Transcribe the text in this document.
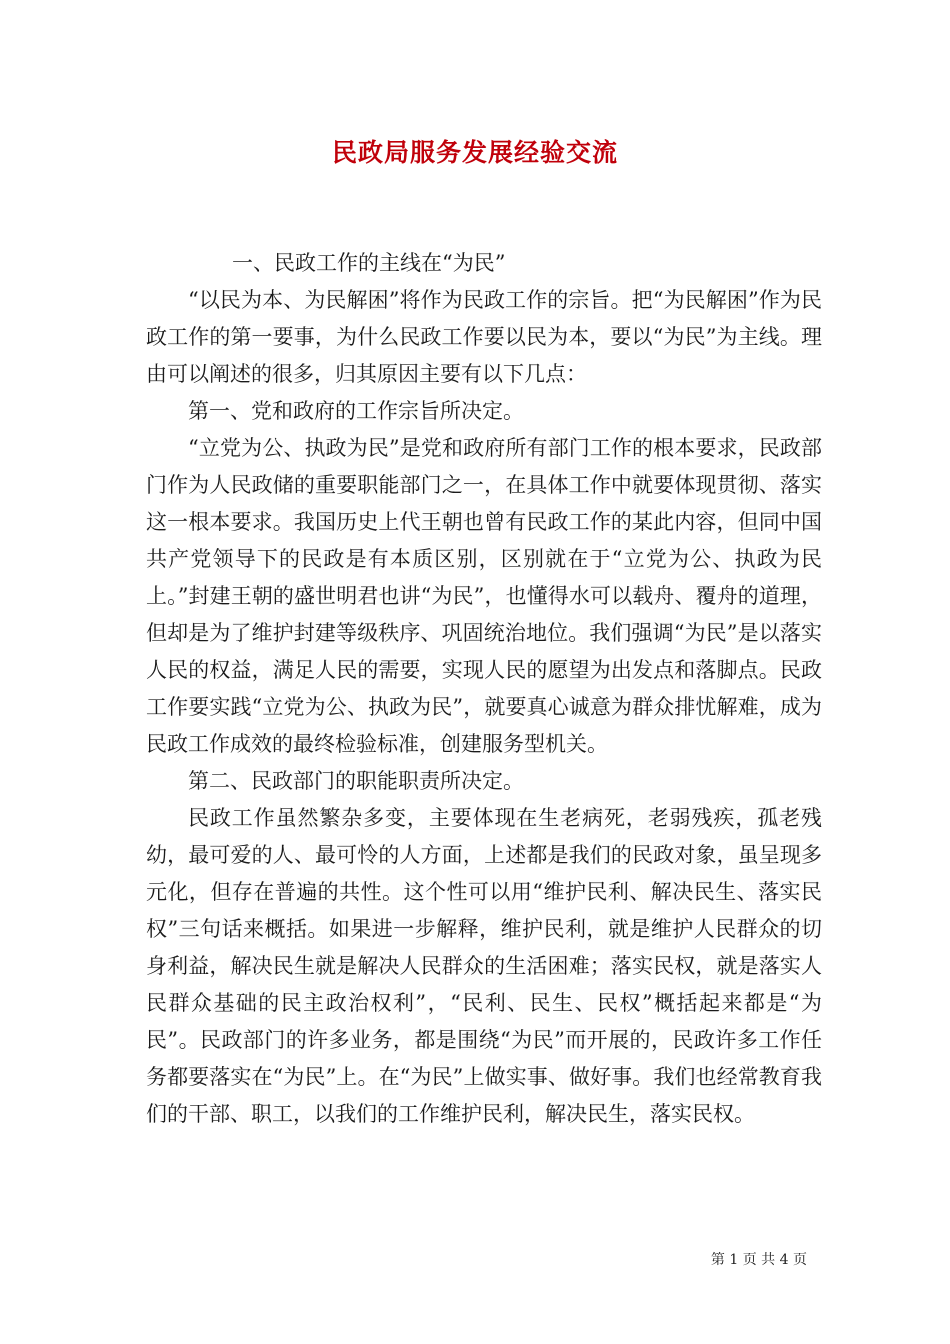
民政局服务发展经验交流

一、民政工作的主线在“为民”

“以民为本、为民解困”将作为民政工作的宗旨。把“为民解困”作为民政工作的第一要事，为什么民政工作要以民为本，要以“为民”为主线。理由可以阐述的很多，归其原因主要有以下几点：

第一、党和政府的工作宗旨所决定。

“立党为公、执政为民”是党和政府所有部门工作的根本要求，民政部门作为人民政储的重要职能部门之一，在具体工作中就要体现贯彻、落实这一根本要求。我国历史上代王朝也曾有民政工作的某此内容，但同中国共产党领导下的民政是有本质区别，区别就在于“立党为公、执政为民上。”封建王朝的盛世明君也讲“为民”，也懂得水可以载舟、覆舟的道理，但却是为了维护封建等级秩序、巩固统治地位。我们强调“为民”是以落实人民的权益，满足人民的需要，实现人民的愿望为出发点和落脚点。民政工作要实践“立党为公、执政为民”，就要真心诚意为群众排忧解难，成为民政工作成效的最终检验标准，创建服务型机关。

第二、民政部门的职能职责所决定。

民政工作虽然繁杂多变，主要体现在生老病死，老弱残疾，孤老残幼，最可爱的人、最可怜的人方面，上述都是我们的民政对象，虽呈现多元化，但存在普遍的共性。这个性可以用“维护民利、解决民生、落实民权”三句话来概括。如果进一步解释，维护民利，就是维护人民群众的切身利益，解决民生就是解决人民群众的生活困难；落实民权，就是落实人民群众基础的民主政治权利”，“民利、民生、民权”概括起来都是“为民”。民政部门的许多业务，都是围绕“为民”而开展的，民政许多工作任务都要落实在“为民”上。在“为民”上做实事、做好事。我们也经常教育我们的干部、职工，以我们的工作维护民利，解决民生，落实民权。

第 1 页 共 4 页
